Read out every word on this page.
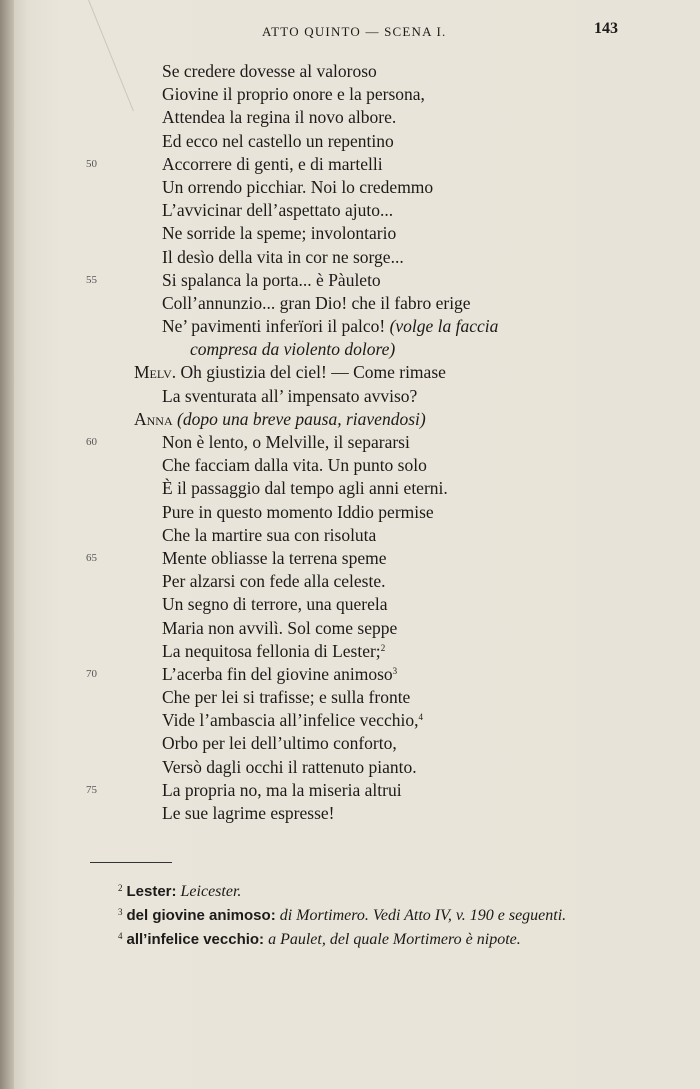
ATTO QUINTO — SCENA I.	143
Se credere dovesse al valoroso
Giovine il proprio onore e la persona,
Attendea la regina il novo albore.
Ed ecco nel castello un repentino
50	Accorrere di genti, e di martelli
Un orrendo picchiar. Noi lo credemmo
L’avvicinar dell’aspettato ajuto...
Ne sorride la speme; involontario
Il desìo della vita in cor ne sorge...
55	Si spalanca la porta... è Pàuleto
Coll’annunzio... gran Dio! che il fabro erige
Ne’ pavimenti inferïori il palco! (volge la faccia
compresa da violento dolore)
Melv. Oh giustizia del ciel! — Come rimase
La sventurata all’ impensato avviso?
Anna (dopo una breve pausa, riavendosi)
60	Non è lento, o Melville, il separarsi
Che facciam dalla vita. Un punto solo
È il passaggio dal tempo agli anni eterni.
Pure in questo momento Iddio permise
Che la martire sua con risoluta
65	Mente obliasse la terrena speme
Per alzarsi con fede alla celeste.
Un segno di terrore, una querela
Maria non avvilì. Sol come seppe
La nequitosa fellonia di Lester;$^2$
70	L’acerba fin del giovine animoso$^3$
Che per lei si trafisse; e sulla fronte
Vide l’ambascia all’infelice vecchio,$^4$
Orbo per lei dell’ultimo conforto,
Versò dagli occhi il rattenuto pianto.
75	La propria no, ma la miseria altrui
Le sue lagrime espresse!

$^2$ Lester: Leicester.

$^3$ del giovine animoso: di Mortimero. Vedi Atto IV, v. 190 e seguenti.

$^4$ all’infelice vecchio: a Paulet, del quale Mortimero è nipote.
